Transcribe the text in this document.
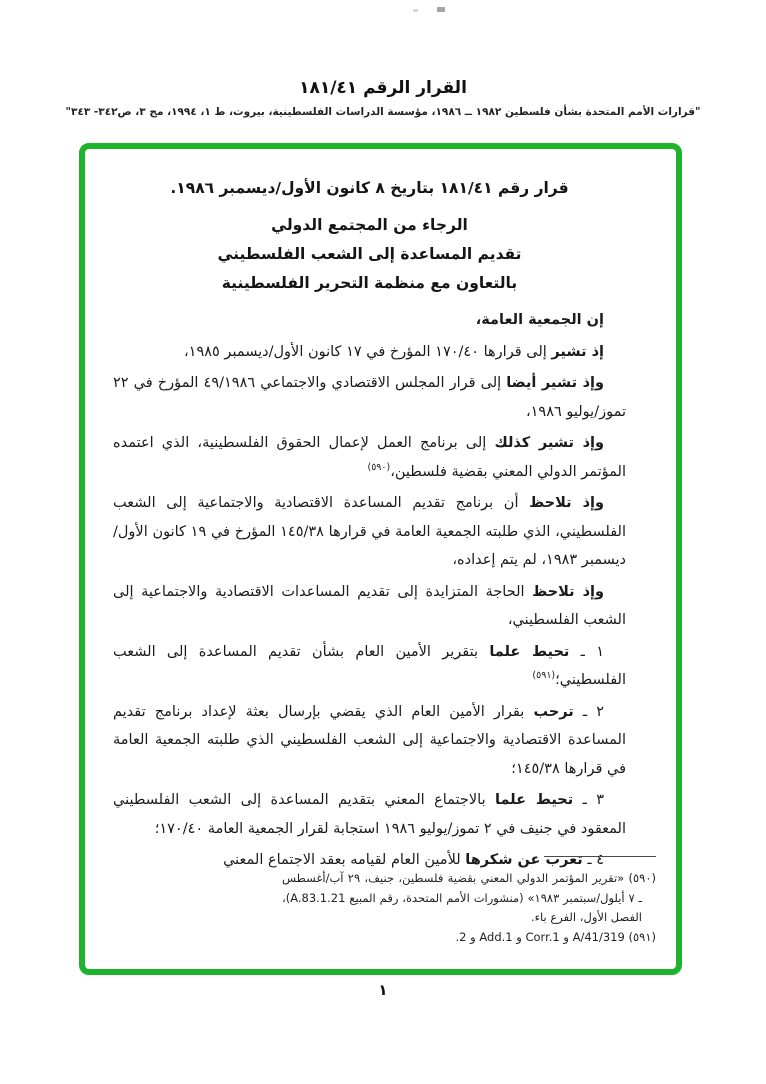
القرار الرقم ١٨١/٤١
"قرارات الأمم المتحدة بشأن فلسطين ١٩٨٢ ــ ١٩٨٦، مؤسسة الدراسات الفلسطينية، بيروت، ط ١، ١٩٩٤، مج ٣، ص٣٤٢- ٣٤٣"

قرار رقم ١٨١/٤١ بتاريخ ٨ كانون الأول/ديسمبر ١٩٨٦.

الرجاء من المجتمع الدولي

تقديم المساعدة إلى الشعب الفلسطيني

بالتعاون مع منظمة التحرير الفلسطينية

إن الجمعية العامة،

إذ تشير إلى قرارها ١٧٠/٤٠ المؤرخ في ١٧ كانون الأول/ديسمبر ١٩٨٥،

وإذ تشير أيضا إلى قرار المجلس الاقتصادي والاجتماعي ٤٩/١٩٨٦ المؤرخ في ٢٢ تموز/يوليو ١٩٨٦،

وإذ تشير كذلك إلى برنامج العمل لإعمال الحقوق الفلسطينية، الذي اعتمده المؤتمر الدولي المعني بقضية فلسطين،$^{(٥٩٠)}$

وإذ تلاحظ أن برنامج تقديم المساعدة الاقتصادية والاجتماعية إلى الشعب الفلسطيني، الذي طلبته الجمعية العامة في قرارها ١٤٥/٣٨ المؤرخ في ١٩ كانون الأول/ديسمبر ١٩٨٣، لم يتم إعداده،

وإذ تلاحظ الحاجة المتزايدة إلى تقديم المساعدات الاقتصادية والاجتماعية إلى الشعب الفلسطيني،

١ ـ تحيط علما بتقرير الأمين العام بشأن تقديم المساعدة إلى الشعب الفلسطيني؛$^{(٥٩١)}$

٢ ـ ترحب بقرار الأمين العام الذي يقضي بإرسال بعثة لإعداد برنامج تقديم المساعدة الاقتصادية والاجتماعية إلى الشعب الفلسطيني الذي طلبته الجمعية العامة في قرارها ١٤٥/٣٨؛

٣ ـ تحيط علما بالاجتماع المعني بتقديم المساعدة إلى الشعب الفلسطيني المعقود في جنيف في ٢ تموز/يوليو ١٩٨٦ استجابة لقرار الجمعية العامة ١٧٠/٤٠؛

٤ ـ تعرب عن شكرها للأمين العام لقيامه بعقد الاجتماع المعني

(٥٩٠) «تقرير المؤتمر الدولي المعني بقضية فلسطين، جنيف، ٢٩ آب/أغسطس ـ ٧ أيلول/سبتمبر ١٩٨٣» (منشورات الأمم المتحدة، رقم المبيع A.83.1.21)، الفصل الأول، الفرع باء.

(٥٩١) A/41/319 و Corr.1 و Add.1 و 2.

١
